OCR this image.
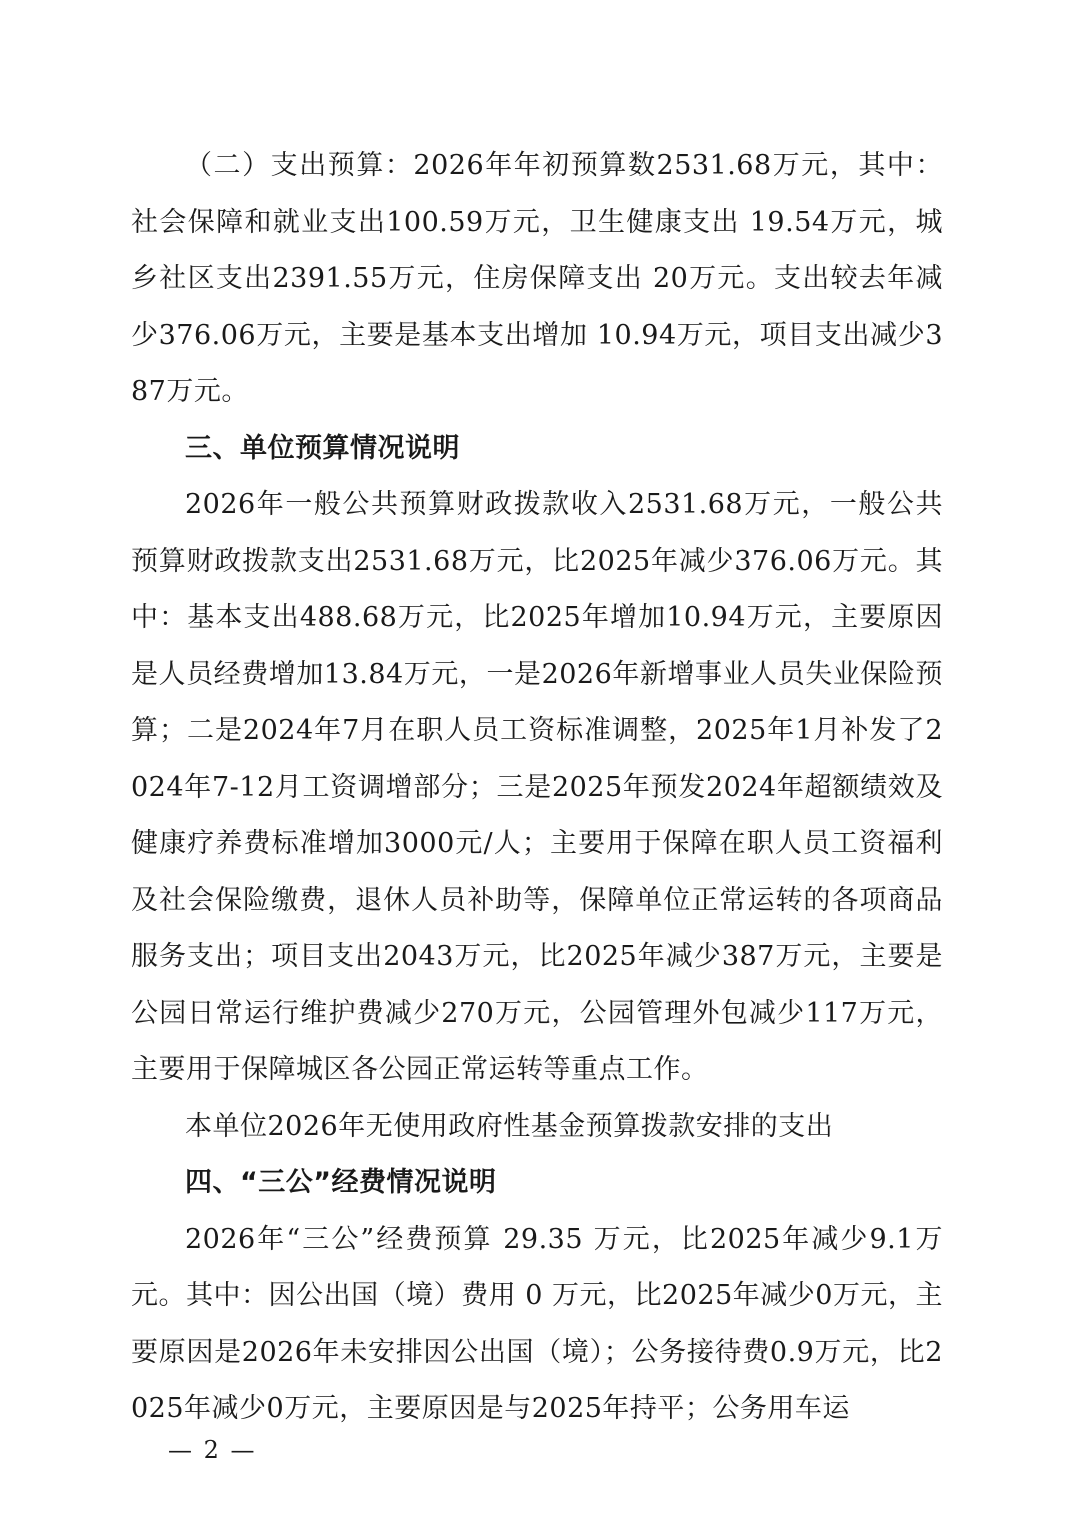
（二）支出预算：2026年年初预算数2531.68万元，其中：社会保障和就业支出100.59万元，卫生健康支出 19.54万元，城乡社区支出2391.55万元，住房保障支出 20万元。支出较去年减少376.06万元，主要是基本支出增加 10.94万元，项目支出减少387万元。

三、单位预算情况说明

2026年一般公共预算财政拨款收入2531.68万元，一般公共预算财政拨款支出2531.68万元，比2025年减少376.06万元。其中：基本支出488.68万元，比2025年增加10.94万元，主要原因是人员经费增加13.84万元，一是2026年新增事业人员失业保险预算；二是2024年7月在职人员工资标准调整，2025年1月补发了2024年7-12月工资调增部分；三是2025年预发2024年超额绩效及健康疗养费标准增加3000元/人；主要用于保障在职人员工资福利及社会保险缴费，退休人员补助等，保障单位正常运转的各项商品服务支出；项目支出2043万元，比2025年减少387万元，主要是公园日常运行维护费减少270万元，公园管理外包减少117万元，主要用于保障城区各公园正常运转等重点工作。

本单位2026年无使用政府性基金预算拨款安排的支出

四、“三公”经费情况说明

2026年“三公”经费预算 29.35 万元，比2025年减少9.1万元。其中：因公出国（境）费用 0 万元，比2025年减少0万元，主要原因是2026年未安排因公出国（境）；公务接待费0.9万元，比2025年减少0万元，主要原因是与2025年持平；公务用车运

— 2 —
